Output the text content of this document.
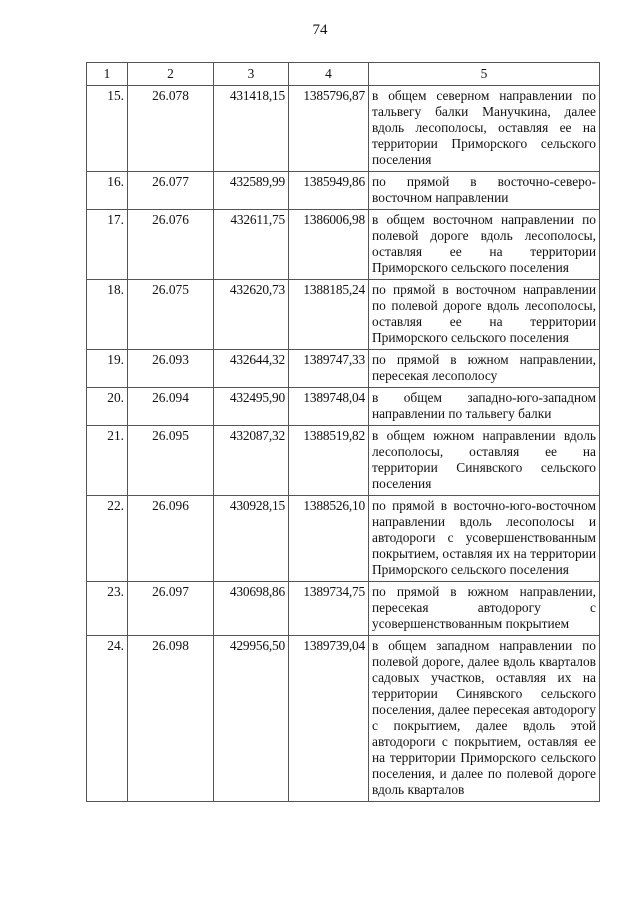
74
1	2	3	4	5
15.	26.078	431418,15	1385796,87	в общем северном направлении по тальвегу балки Манучкина, далее вдоль лесополосы, оставляя ее на территории Приморского сельского поселения
16.	26.077	432589,99	1385949,86	по прямой в восточно-северо-восточном направлении
17.	26.076	432611,75	1386006,98	в общем восточном направлении по полевой дороге вдоль лесополосы, оставляя ее на территории Приморского сельского поселения
18.	26.075	432620,73	1388185,24	по прямой в восточном направлении по полевой дороге вдоль лесополосы, оставляя ее на территории Приморского сельского поселения
19.	26.093	432644,32	1389747,33	по прямой в южном направлении, пересекая лесополосу
20.	26.094	432495,90	1389748,04	в общем западно-юго-западном направлении по тальвегу балки
21.	26.095	432087,32	1388519,82	в общем южном направлении вдоль лесополосы, оставляя ее на территории Синявского сельского поселения
22.	26.096	430928,15	1388526,10	по прямой в восточно-юго-восточном направлении вдоль лесополосы и автодороги с усовершенствованным покрытием, оставляя их на территории Приморского сельского поселения
23.	26.097	430698,86	1389734,75	по прямой в южном направлении, пересекая автодорогу с усовершенствованным покрытием
24.	26.098	429956,50	1389739,04	в общем западном направлении по полевой дороге, далее вдоль кварталов садовых участков, оставляя их на территории Синявского сельского поселения, далее пересекая автодорогу с покрытием, далее вдоль этой автодороги с покрытием, оставляя ее на территории Приморского сельского поселения, и далее по полевой дороге вдоль кварталов
